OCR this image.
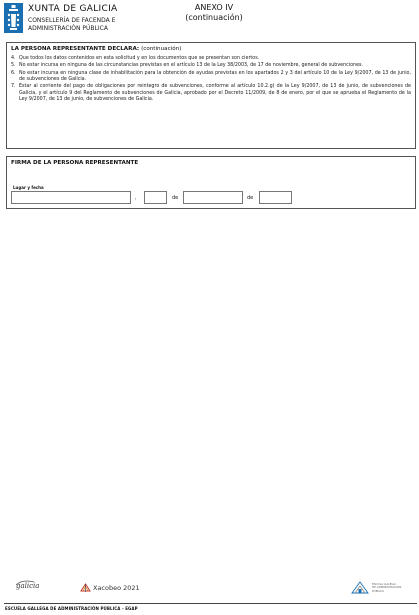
XUNTA DE GALICIA
CONSELLERÍA DE FACENDA E
ADMINISTRACIÓN PÚBLICA
ANEXO IV
(continuación)
LA PERSONA REPRESENTANTE DECLARA: (continuación)
4. Que todos los datos contenidos en esta solicitud y en los documentos que se presentan son ciertos.
5. No estar incursa en ninguna de las circunstancias previstas en el artículo 13 de la Ley 38/2003, de 17 de noviembre, general de subvenciones.
6. No estar incursa en ninguna clase de inhabilitación para la obtención de ayudas previstas en los apartados 2 y 3 del artículo 10 de la Ley 9/2007, de 13 de junio, de subvenciones de Galicia.
7. Estar al corriente del pago de obligaciones por reintegro de subvenciones, conforme al artículo 10.2.g) de la Ley 9/2007, de 13 de junio, de subvenciones de Galicia, y el artículo 9 del Reglamento de subvenciones de Galicia, aprobado por el Decreto 11/2009, de 8 de enero, por el que se aprueba el Reglamento de la Ley 9/2007, de 13 de junio, de subvenciones de Galicia.
FIRMA DE LA PERSONA REPRESENTANTE
Lugar y fecha
,	de	de
galicia	Xacobeo 2021	ESCOLA GALEGA
DE ADMINISTRACIÓN
PÚBLICA
ESCUELA GALLEGA DE ADMINISTRACIÓN PÚBLICA - EGAP
